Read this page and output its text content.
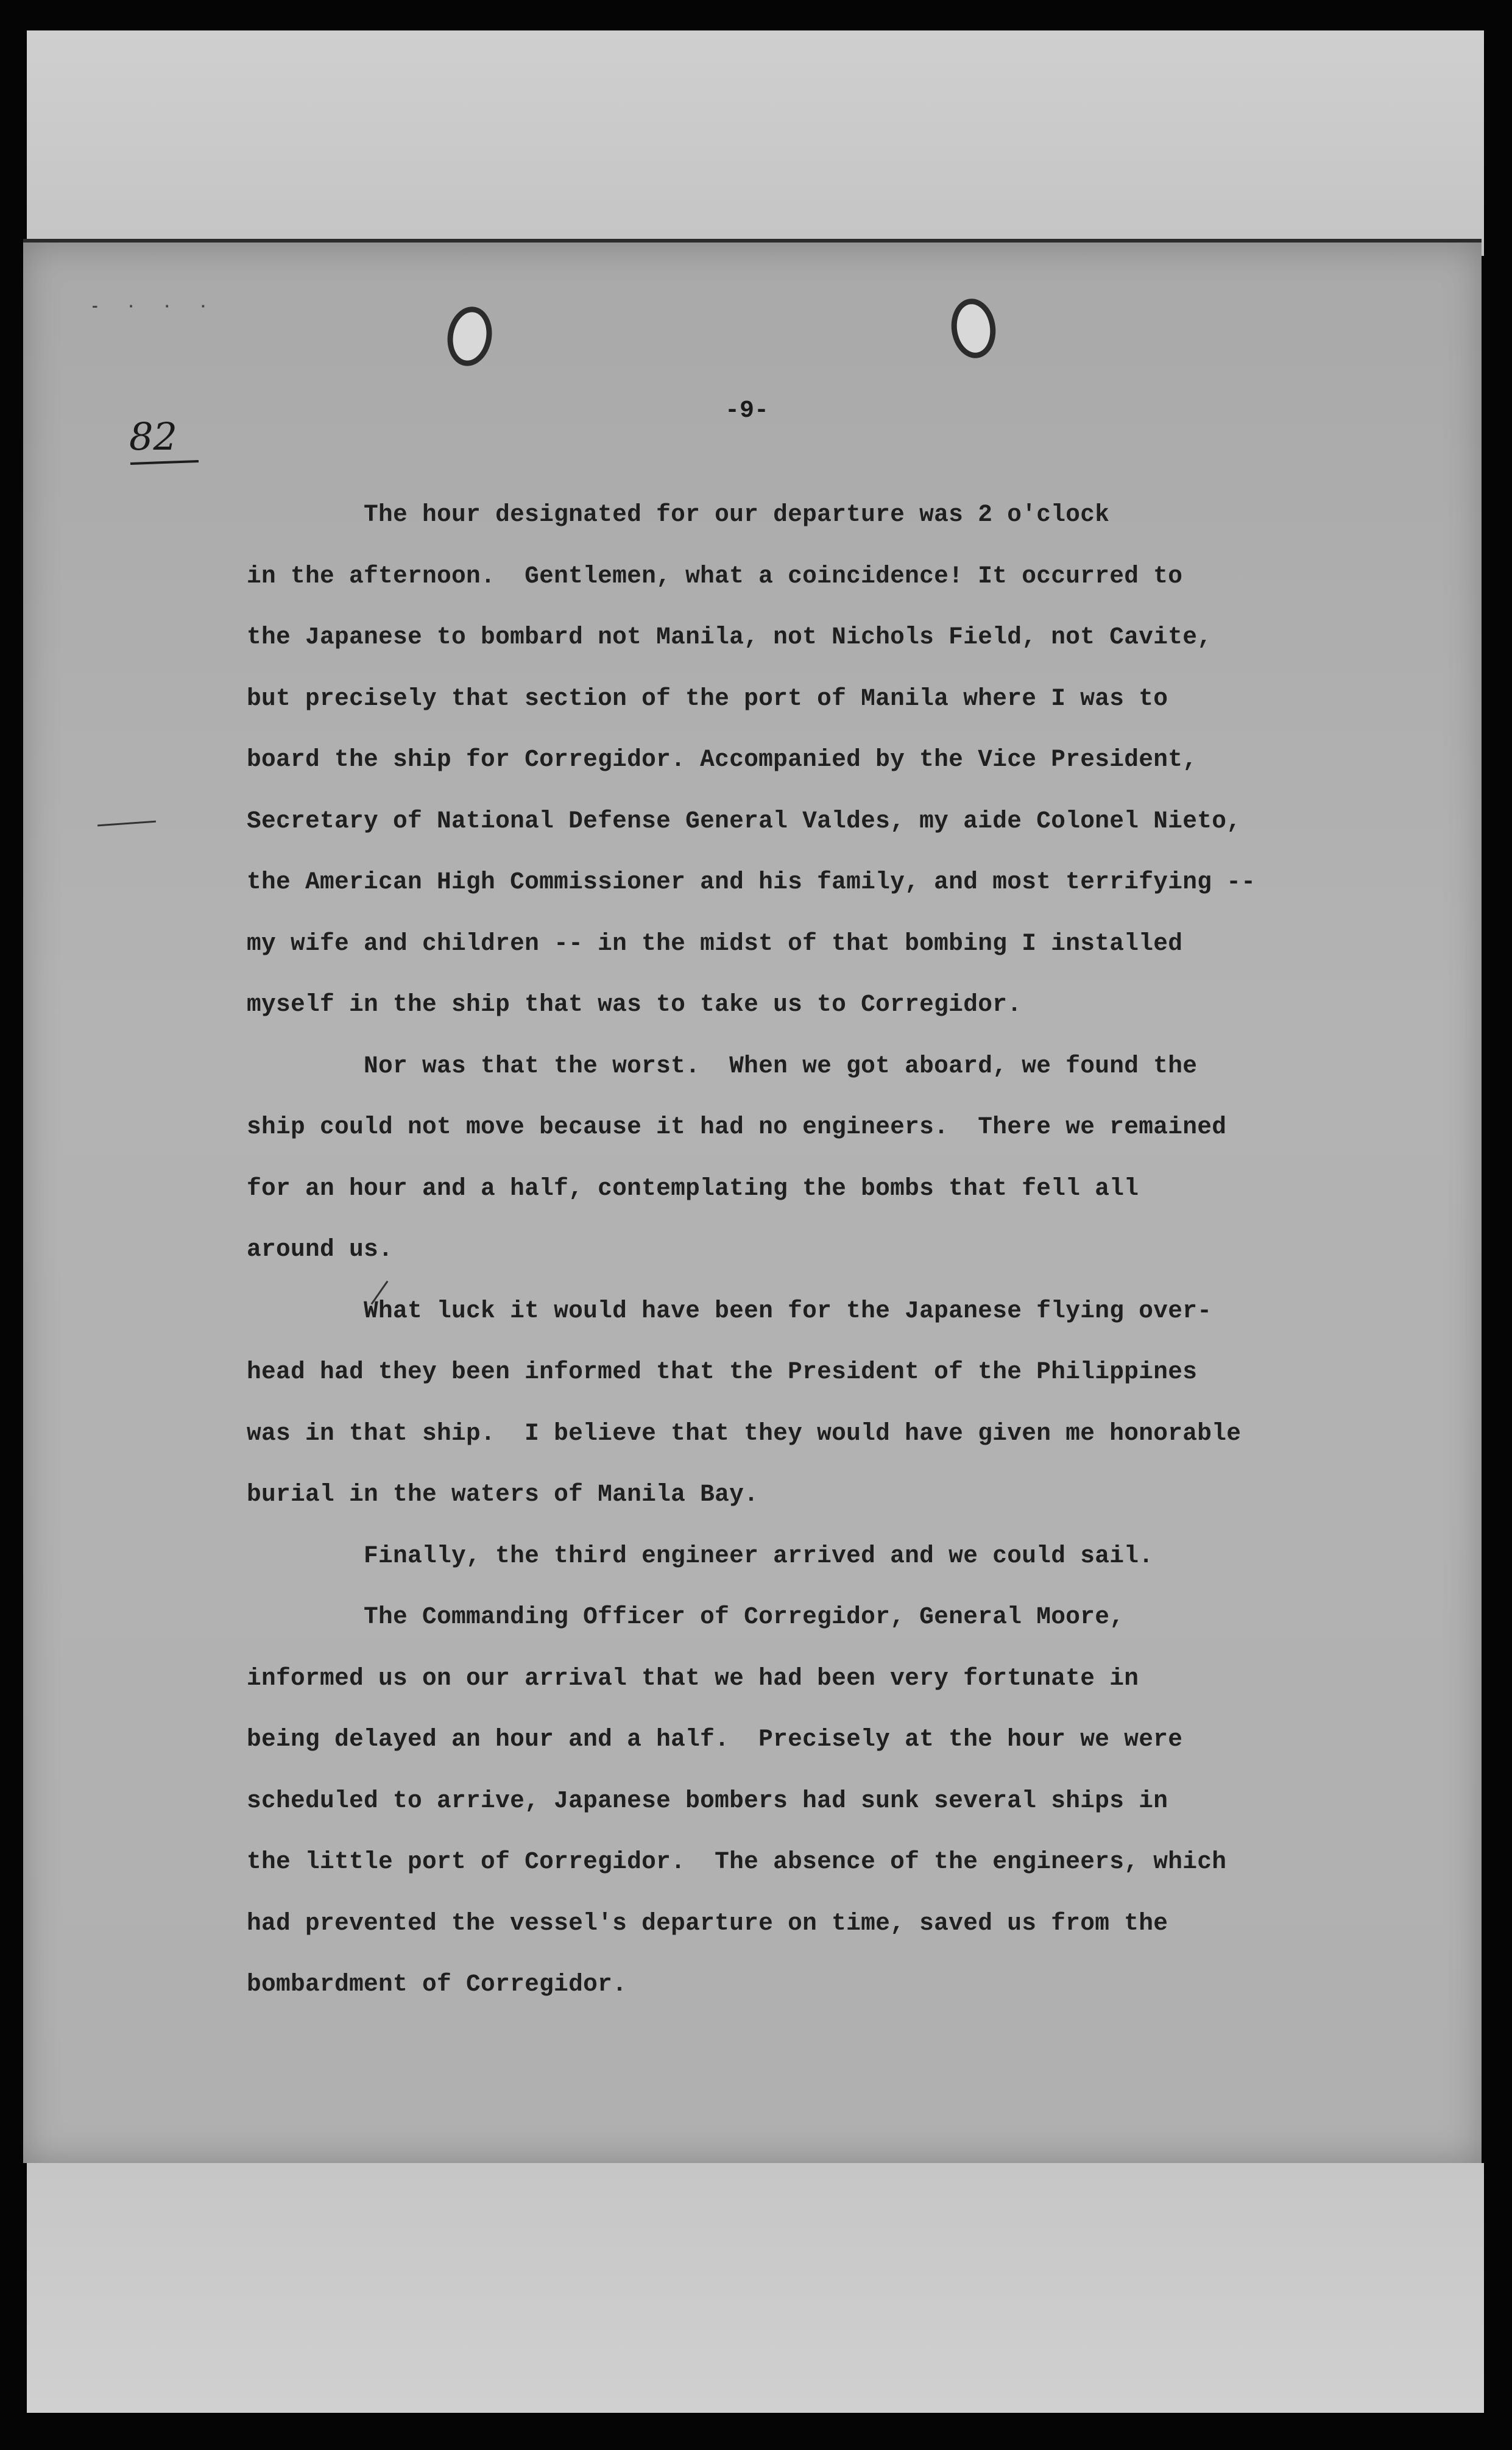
- · · ·
82
-9-
The hour designated for our departure was 2 o'clock
in the afternoon.  Gentlemen, what a coincidence! It occurred to
the Japanese to bombard not Manila, not Nichols Field, not Cavite,
but precisely that section of the port of Manila where I was to
board the ship for Corregidor. Accompanied by the Vice President,
Secretary of National Defense General Valdes, my aide Colonel Nieto,
the American High Commissioner and his family, and most terrifying --
my wife and children -- in the midst of that bombing I installed
myself in the ship that was to take us to Corregidor.
Nor was that the worst.  When we got aboard, we found the
ship could not move because it had no engineers.  There we remained
for an hour and a half, contemplating the bombs that fell all
around us.
What luck it would have been for the Japanese flying over-
head had they been informed that the President of the Philippines
was in that ship.  I believe that they would have given me honorable
burial in the waters of Manila Bay.
Finally, the third engineer arrived and we could sail.
The Commanding Officer of Corregidor, General Moore,
informed us on our arrival that we had been very fortunate in
being delayed an hour and a half.  Precisely at the hour we were
scheduled to arrive, Japanese bombers had sunk several ships in
the little port of Corregidor.  The absence of the engineers, which
had prevented the vessel's departure on time, saved us from the
bombardment of Corregidor.
